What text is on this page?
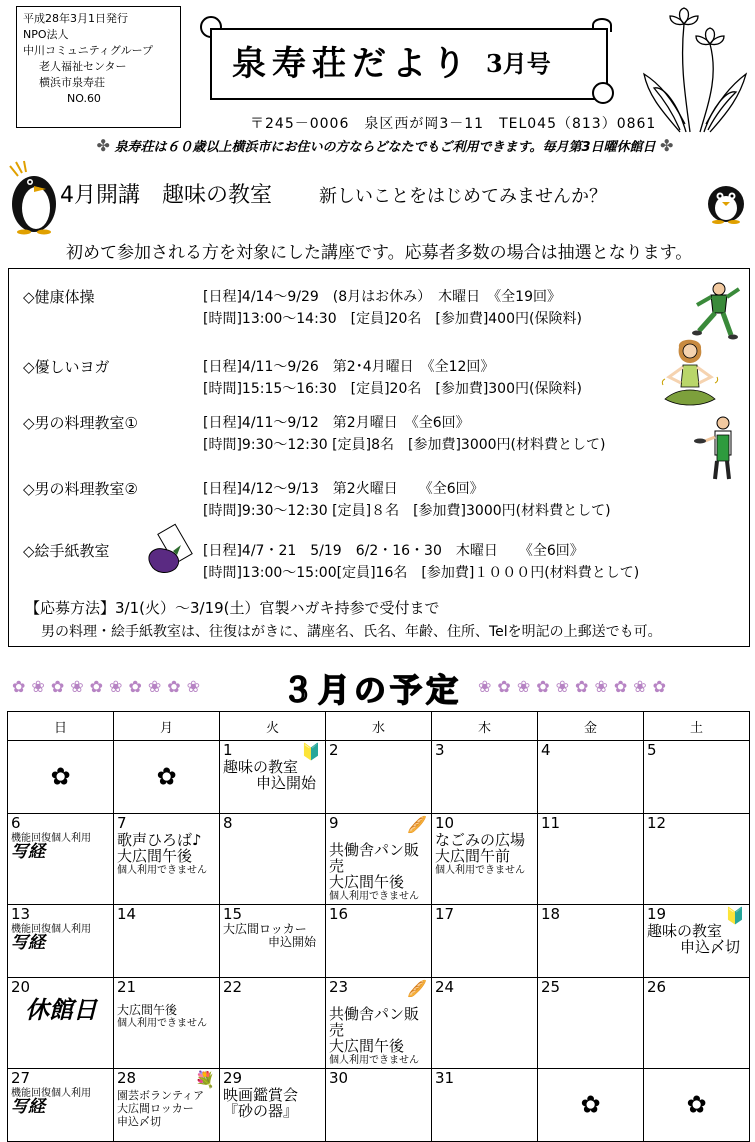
平成28年3月1日発行
NPO法人
中川コミュニティグループ
老人福祉センター
横浜市泉寿荘
NO.60
泉寿荘だより 3月号
〒245－0006　泉区西が岡3－11　TEL045（813）0861
✤ 泉寿荘は６０歳以上横浜市にお住いの方ならどなたでもご利用できます。毎月第3日曜休館日 ✤
4月開講　趣味の教室	新しいことをはじめてみませんか？
初めて参加される方を対象にした講座です。応募者多数の場合は抽選となります。
◇健康体操	[日程]4/14～9/29　(8月はお休み）　木曜日　《全19回》
[時間]13:00～14:30　[定員]20名　[参加費]400円(保険料)
◇優しいヨガ	[日程]4/11～9/26　第2･4月曜日　《全12回》
[時間]15:15～16:30　[定員]20名　[参加費]300円(保険料)
◇男の料理教室①	[日程]4/11～9/12　第2月曜日　《全6回》
[時間]9:30～12:30 [定員]8名　[参加費]3000円(材料費として)
◇男の料理教室②	[日程]4/12～9/13　第2火曜日　　《全6回》
[時間]9:30～12:30 [定員]８名　[参加費]3000円(材料費として)
◇絵手紙教室	[日程]4/7・21　5/19　6/2・16・30　木曜日　　《全6回》
[時間]13:00～15:00[定員]16名　[参加費]１０００円(材料費として)
【応募方法】3/1(火）～3/19(土）官製ハガキ持参で受付まで
男の料理・絵手紙教室は、往復はがきに、講座名、氏名、年齢、住所、Telを明記の上郵送でも可。
✿❀✿❀✿❀✿❀✿❀ ３月の予定 ❀✿❀✿❀✿❀✿❀✿
日	月	火	水	木	金	土

✿	✿	1
趣味の教室
申込開始
🔰	2	3	4	5

6
機能回復個人利用
写経	7
歌声ひろば♪
大広間午後
個人利用できません	8	9 🥖
共働舎パン販売
大広間午後
個人利用できません	10
なごみの広場
大広間午前
個人利用できません	11	12

13
機能回復個人利用
写経	14	15
大広間ロッカー
申込開始	16	17	18	19 🔰
趣味の教室
申込〆切

20
休館日	21
大広間午後
個人利用できません	22	23 🥖
共働舎パン販売
大広間午後
個人利用できません	24	25	26

27
機能回復個人利用
写経	28 💐
園芸ボランティア
大広間ロッカー
申込〆切	29
映画鑑賞会
『砂の器』	30	31	✿	✿
